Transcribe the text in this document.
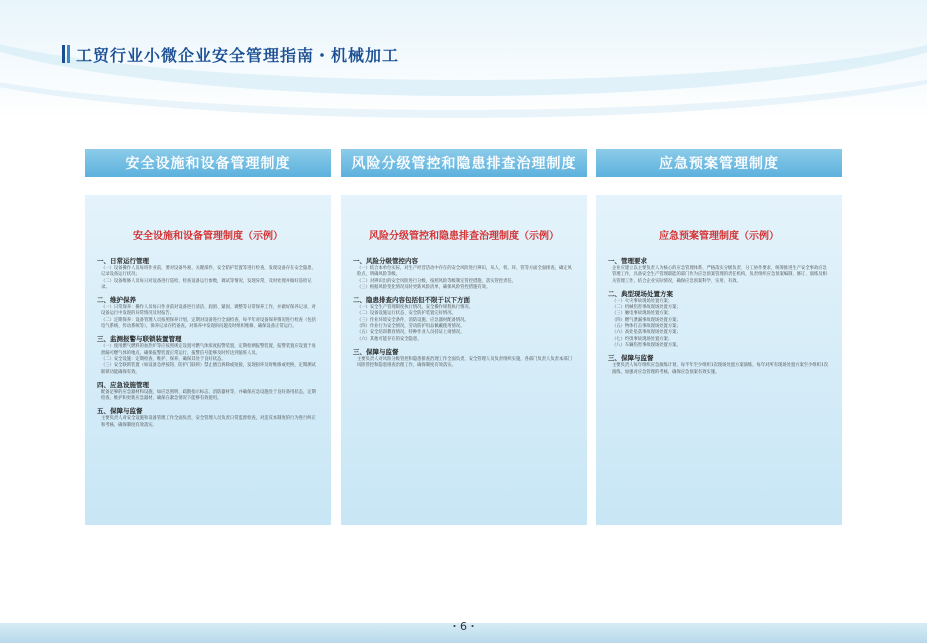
工贸行业小微企业安全管理指南・机械加工
安全设施和设备管理制度
安全设施和设备管理制度（示例）
一、日常运行管理

（一）设备操作人员每班作业前，要对设备外观、关键部件、安全防护装置等进行检查，发现设备存在安全隐患，记录设备运行状况；

（二）设备维修人员每日对设备进行巡检，检查设备运行参数，调试等情况，发现异常，及时处理并做好巡检记录。

二、维护保养

（一）日常保养：操作人员每日作业前对设备进行清洁、润滑、紧固、调整等日常保养工作，并做好保养记录，对设备运行中发现的异常情况及时报告。

（二）定期保养：设备管理人员按照保养计划，定期对设备进行全面检查，每半年对设备保养情况进行检查（包括电气系统、传动系统等），保养记录存档备查。对保养中发现的问题及时组织维修，确保设备正常运行。

三、监测报警与联锁装置管理

（一）使用燃气燃料的加热炉等应按照规定设置可燃气体浓度报警装置，定期检测报警装置，报警装置应设置于易泄漏可燃气体的地点，确保报警装置正常运行，报警信号能够及时传达到值班人员。

（二）安全设施：定期检查、维护、保养，确保其处于良好状态。

（三）安全联锁装置（如设备急停按钮、防护门联锁）禁止擅自拆除或短接，发现损坏及时维修或更换，定期测试联锁功能确保有效。

四、应急设施管理

配备足够的应急器材和设施，如应急照明、疏散指示标志、消防器材等，并确保应急设施处于良好备用状态，定期检查、维护和更新应急器材，确保在紧急情况下能够有效使用。

五、保障与监督

主要负责人对安全设施和设备管理工作全面负责，安全管理人员负责日常监督检查，对违反本制度的行为进行纠正和考核，确保制度有效落实。

风险分级管控和隐患排查治理制度
风险分级管控和隐患排查治理制度（示例）
一、风险分级管控内容

（一）结合本单位实际，对生产经营活动中存在的安全风险进行辨识，从人、机、环、管等方面全面排查，确定风险点，明确风险等级。

（二）对辨识出的安全风险进行分级，按照风险等级制定管控措施，落实管控责任。

（三）根据风险变化情况及时更新风险清单，确保风险管控措施有效。

二、隐患排查内容包括但不限于以下方面

（一）安全生产管理制度执行情况，安全操作规程执行情况。

（二）设备设施运行状态、安全防护装置完好情况。

（三）作业环境安全条件，消防设施、应急器材配备情况。

（四）作业行为安全情况，劳动防护用品佩戴使用情况。

（五）安全培训教育情况，特种作业人员持证上岗情况。

（六）其他可能存在的安全隐患。

三、保障与监督

主要负责人对风险分级管控和隐患排查治理工作全面负责，安全管理人员负责组织实施，各部门负责人负责本部门风险管控和隐患排查治理工作，确保制度有效落实。

应急预案管理制度
应急预案管理制度（示例）
一、管理要求

企业应建立以主要负责人为核心的应急管理体系，严格落实分级负责、分工协作要求，统筹推进生产安全事故应急管理工作，具备安全生产管理职能的部门作为应急预案管理的责任机构，负责组织应急预案编制、修订、演练及相关管理工作，结合企业实际情况，确保应急预案科学、实用、有效。

二、典型现场处置方案

（一）火灾事故现场处置方案；

（二）机械伤害事故现场处置方案；

（三）触电事故现场处置方案；

（四）燃气泄漏事故现场处置方案；

（五）物体打击事故现场处置方案；

（六）高处坠落事故现场处置方案；

（七）灼烫事故现场处置方案；

（八）车辆伤害事故现场处置方案。

三、保障与监督

主要负责人每年组织应急演练计划，每半年至少组织1次现场处置方案演练，每年对所有现场处置方案至少组织1次演练，加强对应急管理的考核，确保应急预案有效实施。

・6・
